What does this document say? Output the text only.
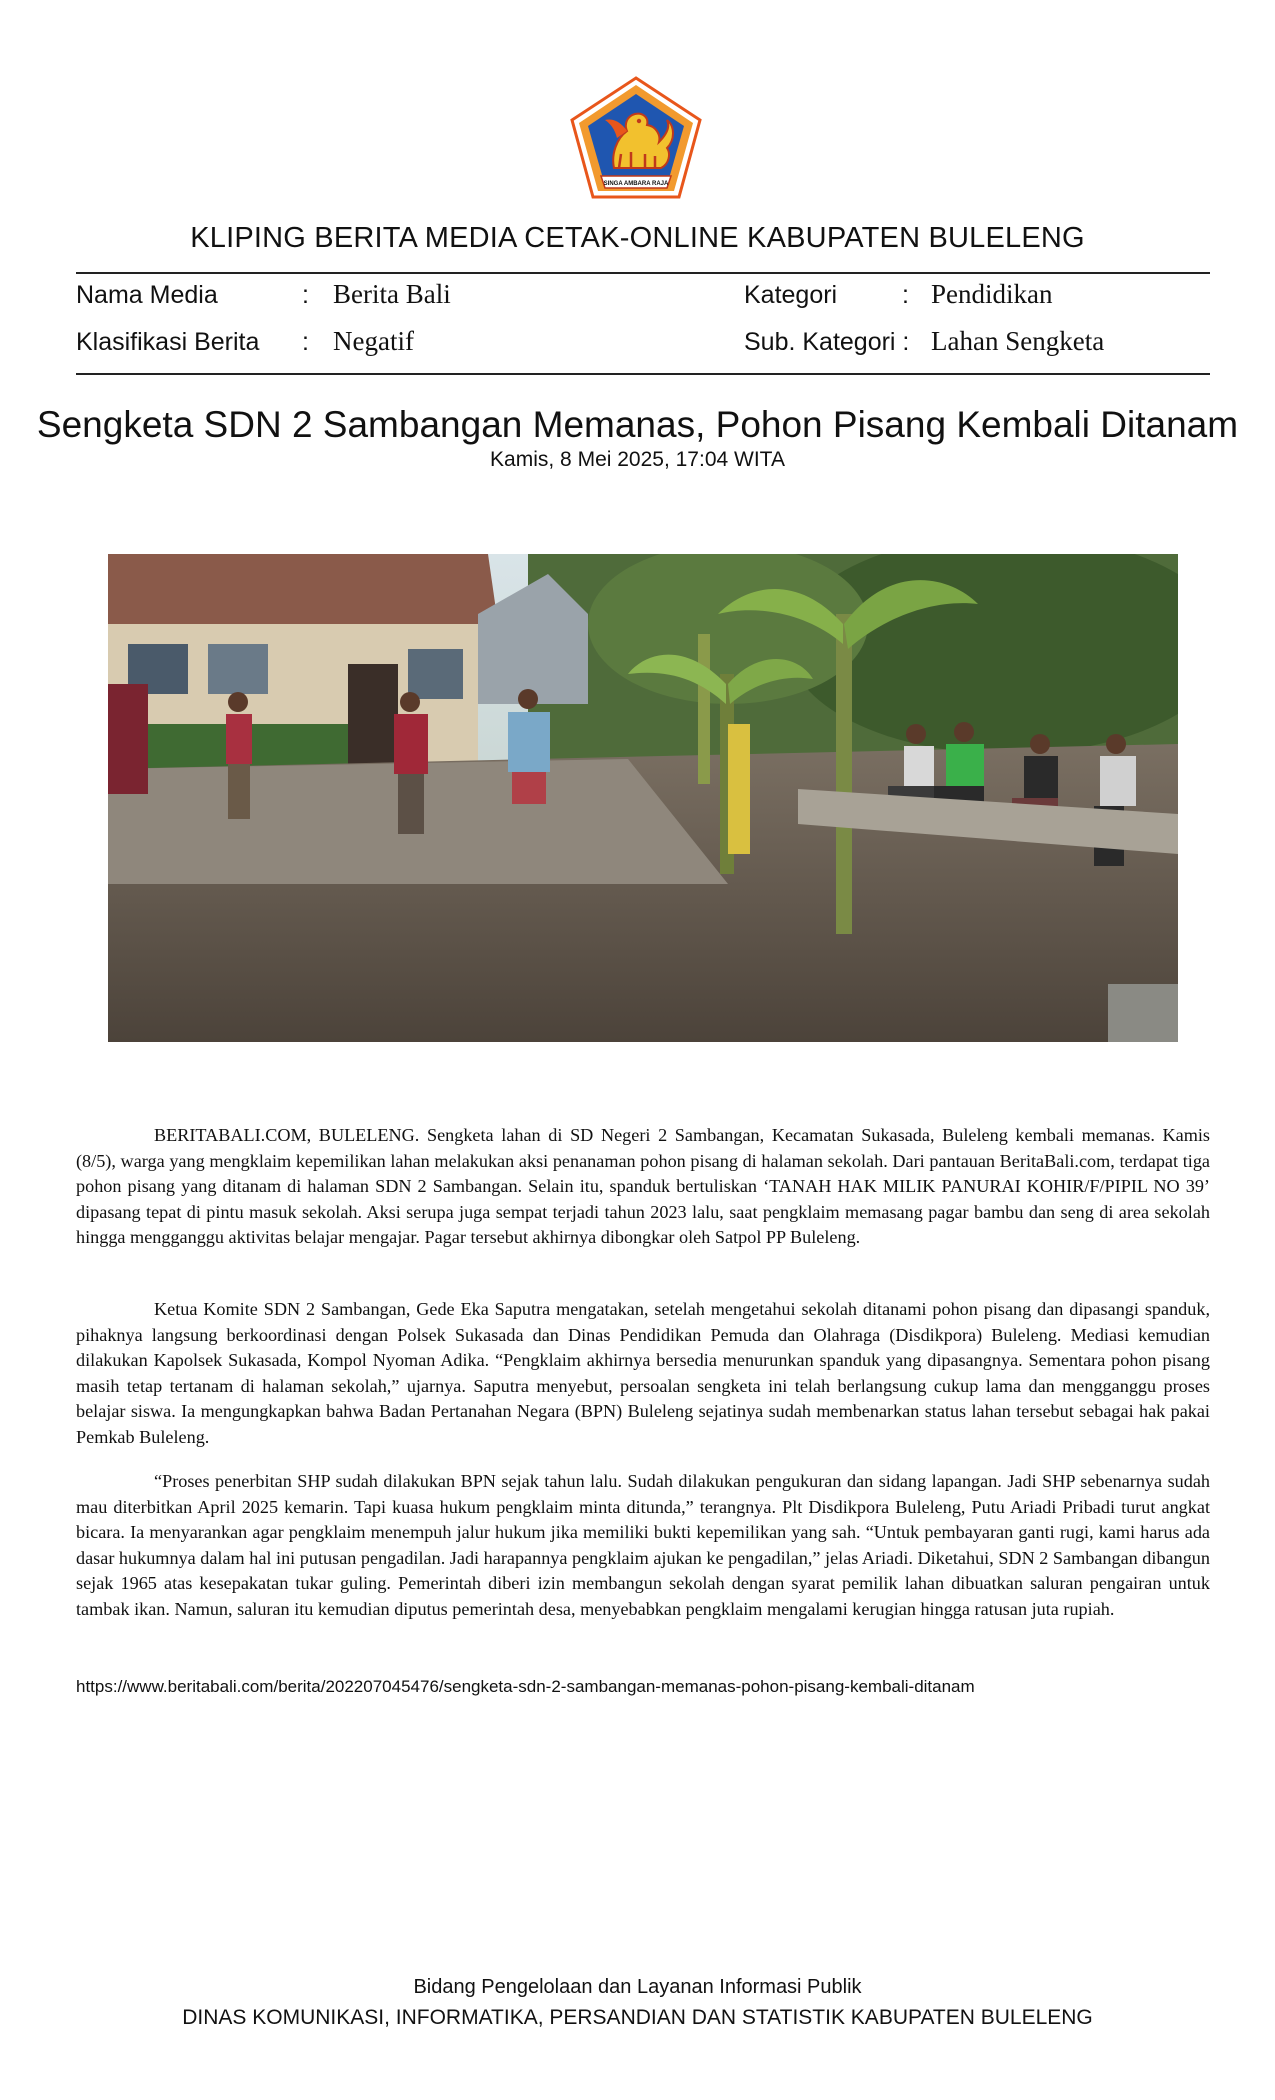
SINGA AMBARA RAJA
KLIPING BERITA MEDIA CETAK-ONLINE KABUPATEN BULELENG
Nama Media	: Berita Bali	Kategori	: Pendidikan
Klasifikasi Berita : Negatif	Sub. Kategori : Lahan Sengketa
Sengketa SDN 2 Sambangan Memanas, Pohon Pisang Kembali Ditanam
Kamis, 8 Mei 2025, 17:04 WITA

BERITABALI.COM, BULELENG. Sengketa lahan di SD Negeri 2 Sambangan, Kecamatan Sukasada, Buleleng kembali memanas. Kamis (8/5), warga yang mengklaim kepemilikan lahan melakukan aksi penanaman pohon pisang di halaman sekolah. Dari pantauan BeritaBali.com, terdapat tiga pohon pisang yang ditanam di halaman SDN 2 Sambangan. Selain itu, spanduk bertuliskan ‘TANAH HAK MILIK PANURAI KOHIR/F/PIPIL NO 39’ dipasang tepat di pintu masuk sekolah. Aksi serupa juga sempat terjadi tahun 2023 lalu, saat pengklaim memasang pagar bambu dan seng di area sekolah hingga mengganggu aktivitas belajar mengajar. Pagar tersebut akhirnya dibongkar oleh Satpol PP Buleleng.

Ketua Komite SDN 2 Sambangan, Gede Eka Saputra mengatakan, setelah mengetahui sekolah ditanami pohon pisang dan dipasangi spanduk, pihaknya langsung berkoordinasi dengan Polsek Sukasada dan Dinas Pendidikan Pemuda dan Olahraga (Disdikpora) Buleleng. Mediasi kemudian dilakukan Kapolsek Sukasada, Kompol Nyoman Adika. “Pengklaim akhirnya bersedia menurunkan spanduk yang dipasangnya. Sementara pohon pisang masih tetap tertanam di halaman sekolah,” ujarnya. Saputra menyebut, persoalan sengketa ini telah berlangsung cukup lama dan mengganggu proses belajar siswa. Ia mengungkapkan bahwa Badan Pertanahan Negara (BPN) Buleleng sejatinya sudah membenarkan status lahan tersebut sebagai hak pakai Pemkab Buleleng.

“Proses penerbitan SHP sudah dilakukan BPN sejak tahun lalu. Sudah dilakukan pengukuran dan sidang lapangan. Jadi SHP sebenarnya sudah mau diterbitkan April 2025 kemarin. Tapi kuasa hukum pengklaim minta ditunda,” terangnya. Plt Disdikpora Buleleng, Putu Ariadi Pribadi turut angkat bicara. Ia menyarankan agar pengklaim menempuh jalur hukum jika memiliki bukti kepemilikan yang sah. “Untuk pembayaran ganti rugi, kami harus ada dasar hukumnya dalam hal ini putusan pengadilan. Jadi harapannya pengklaim ajukan ke pengadilan,” jelas Ariadi. Diketahui, SDN 2 Sambangan dibangun sejak 1965 atas kesepakatan tukar guling. Pemerintah diberi izin membangun sekolah dengan syarat pemilik lahan dibuatkan saluran pengairan untuk tambak ikan. Namun, saluran itu kemudian diputus pemerintah desa, menyebabkan pengklaim mengalami kerugian hingga ratusan juta rupiah.

https://www.beritabali.com/berita/202207045476/sengketa-sdn-2-sambangan-memanas-pohon-pisang-kembali-ditanam
Bidang Pengelolaan dan Layanan Informasi Publik
DINAS KOMUNIKASI, INFORMATIKA, PERSANDIAN DAN STATISTIK KABUPATEN BULELENG
